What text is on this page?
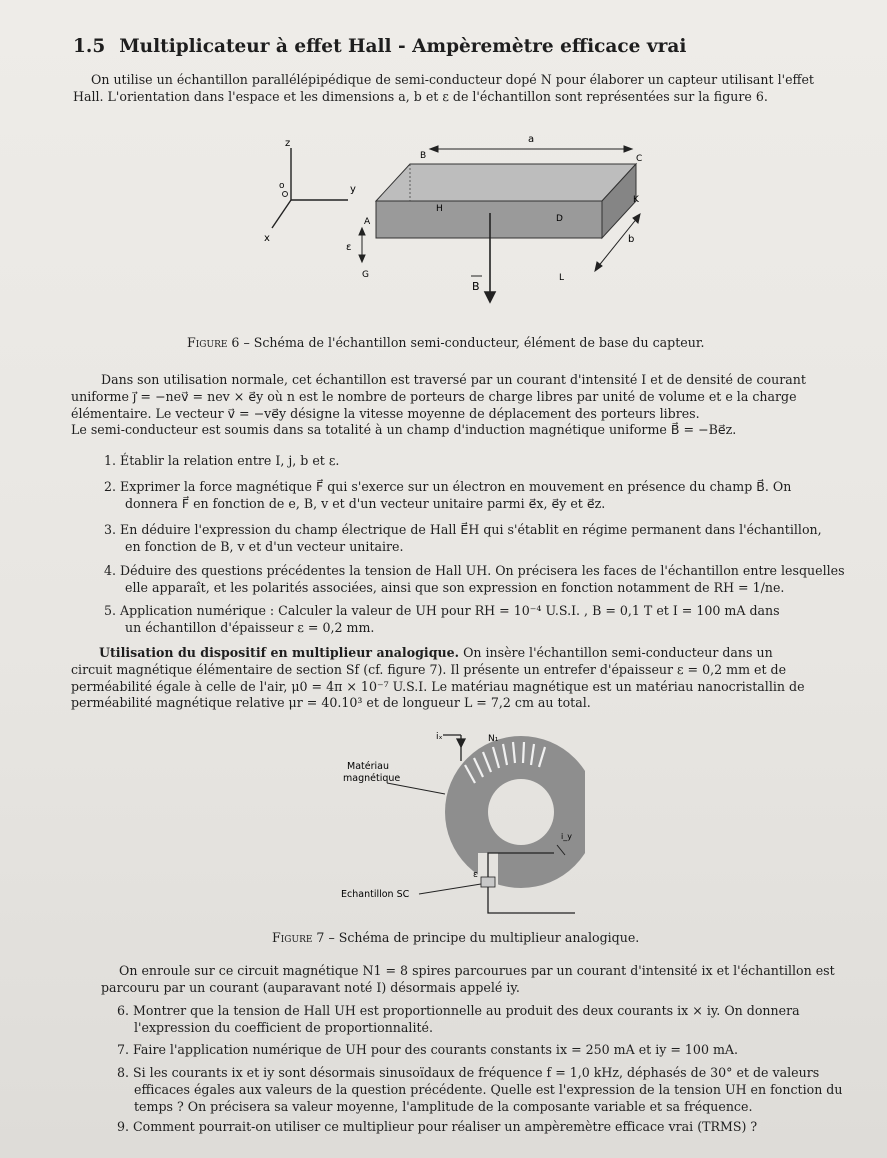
1.5 Multiplicateur à effet Hall - Ampèremètre efficace vrai
On utilise un échantillon parallélépipédique de semi-conducteur dopé N pour élaborer un capteur utilisant l'effet
Hall. L'orientation dans l'espace et les dimensions a, b et ε de l'échantillon sont représentées sur la figure 6.
z
o	y
x
a
B	C
H
K
A	D
b
ε
G	L
B
Figure 6 – Schéma de l'échantillon semi-conducteur, élément de base du capteur.
Dans son utilisation normale, cet échantillon est traversé par un courant d'intensité I et de densité de courant
uniforme j⃗ = −nev⃗ = nev × e⃗y où n est le nombre de porteurs de charge libres par unité de volume et e la charge
élémentaire. Le vecteur v⃗ = −ve⃗y désigne la vitesse moyenne de déplacement des porteurs libres.
Le semi-conducteur est soumis dans sa totalité à un champ d'induction magnétique uniforme B⃗ = −Be⃗z.
1. Établir la relation entre I, j, b et ε.
2. Exprimer la force magnétique F⃗ qui s'exerce sur un électron en mouvement en présence du champ B⃗. On
donnera F⃗ en fonction de e, B, v et d'un vecteur unitaire parmi e⃗x, e⃗y et e⃗z.
3. En déduire l'expression du champ électrique de Hall E⃗H qui s'établit en régime permanent dans l'échantillon,
en fonction de B, v et d'un vecteur unitaire.
4. Déduire des questions précédentes la tension de Hall UH. On précisera les faces de l'échantillon entre lesquelles
elle apparaît, et les polarités associées, ainsi que son expression en fonction notamment de RH = 1/ne.
5. Application numérique : Calculer la valeur de UH pour RH = 10⁻⁴ U.S.I. , B = 0,1 T et I = 100 mA dans
un échantillon d'épaisseur ε = 0,2 mm.
Utilisation du dispositif en multiplieur analogique. On insère l'échantillon semi-conducteur dans un
circuit magnétique élémentaire de section Sf (cf. figure 7). Il présente un entrefer d'épaisseur ε = 0,2 mm et de
perméabilité égale à celle de l'air, μ0 = 4π × 10⁻⁷ U.S.I. Le matériau magnétique est un matériau nanocristallin de
perméabilité magnétique relative μr = 40.10³ et de longueur L = 7,2 cm au total.
iₓ	N₁
Matériau
magnétique
i_y
ε
Echantillon SC
Figure 7 – Schéma de principe du multiplieur analogique.
On enroule sur ce circuit magnétique N1 = 8 spires parcourues par un courant d'intensité ix et l'échantillon est
parcouru par un courant (auparavant noté I) désormais appelé iy.
6. Montrer que la tension de Hall UH est proportionnelle au produit des deux courants ix × iy. On donnera
l'expression du coefficient de proportionnalité.
7. Faire l'application numérique de UH pour des courants constants ix = 250 mA et iy = 100 mA.
8. Si les courants ix et iy sont désormais sinusoïdaux de fréquence f = 1,0 kHz, déphasés de 30° et de valeurs
efficaces égales aux valeurs de la question précédente. Quelle est l'expression de la tension UH en fonction du
temps ? On précisera sa valeur moyenne, l'amplitude de la composante variable et sa fréquence.
9. Comment pourrait-on utiliser ce multiplieur pour réaliser un ampèremètre efficace vrai (TRMS) ?
